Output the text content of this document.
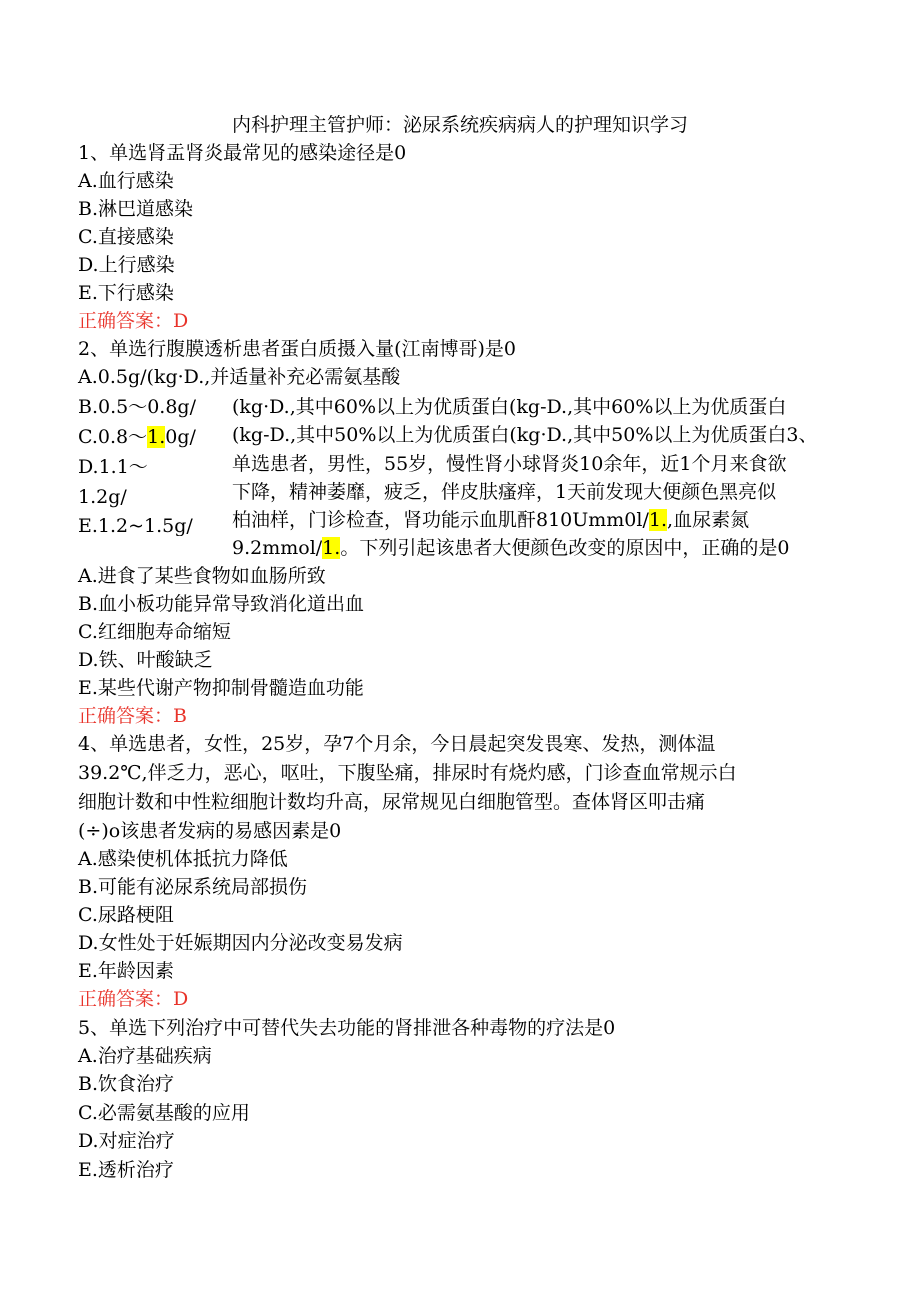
内科护理主管护师：泌尿系统疾病病人的护理知识学习
1、单选肾盂肾炎最常见的感染途径是0
A.血行感染
B.淋巴道感染
C.直接感染
D.上行感染
E.下行感染
正确答案：D
2、单选行腹膜透析患者蛋白质摄入量(江南博哥)是0
A.0.5g/(kg·D.,并适量补充必需氨基酸
B.0.5～0.8g/
C.0.8～1.0g/
D.1.1～
1.2g/
E.1.2~1.5g/
(kg·D.,其中60%以上为优质蛋白(kg-D.,其中60%以上为优质蛋白
(kg-D.,其中50%以上为优质蛋白(kg·D.,其中50%以上为优质蛋白3、
单选患者，男性，55岁，慢性肾小球肾炎10余年，近1个月来食欲
下降，精神萎靡，疲乏，伴皮肤瘙痒，1天前发现大便颜色黑亮似
柏油样，门诊检查，肾功能示血肌酐810Umm0l/1.,血尿素氮
9.2mmol/1.。下列引起该患者大便颜色改变的原因中，正确的是0
A.进食了某些食物如血肠所致
B.血小板功能异常导致消化道出血
C.红细胞寿命缩短
D.铁、叶酸缺乏
E.某些代谢产物抑制骨髓造血功能
正确答案：B
4、单选患者，女性，25岁，孕7个月余，今日晨起突发畏寒、发热，测体温
39.2℃,伴乏力，恶心，呕吐，下腹坠痛，排尿时有烧灼感，门诊查血常规示白
细胞计数和中性粒细胞计数均升高，尿常规见白细胞管型。查体肾区叩击痛
(÷)o该患者发病的易感因素是0
A.感染使机体抵抗力降低
B.可能有泌尿系统局部损伤
C.尿路梗阻
D.女性处于妊娠期因内分泌改变易发病
E.年龄因素
正确答案：D
5、单选下列治疗中可替代失去功能的肾排泄各种毒物的疗法是0
A.治疗基础疾病
B.饮食治疗
C.必需氨基酸的应用
D.对症治疗
E.透析治疗
